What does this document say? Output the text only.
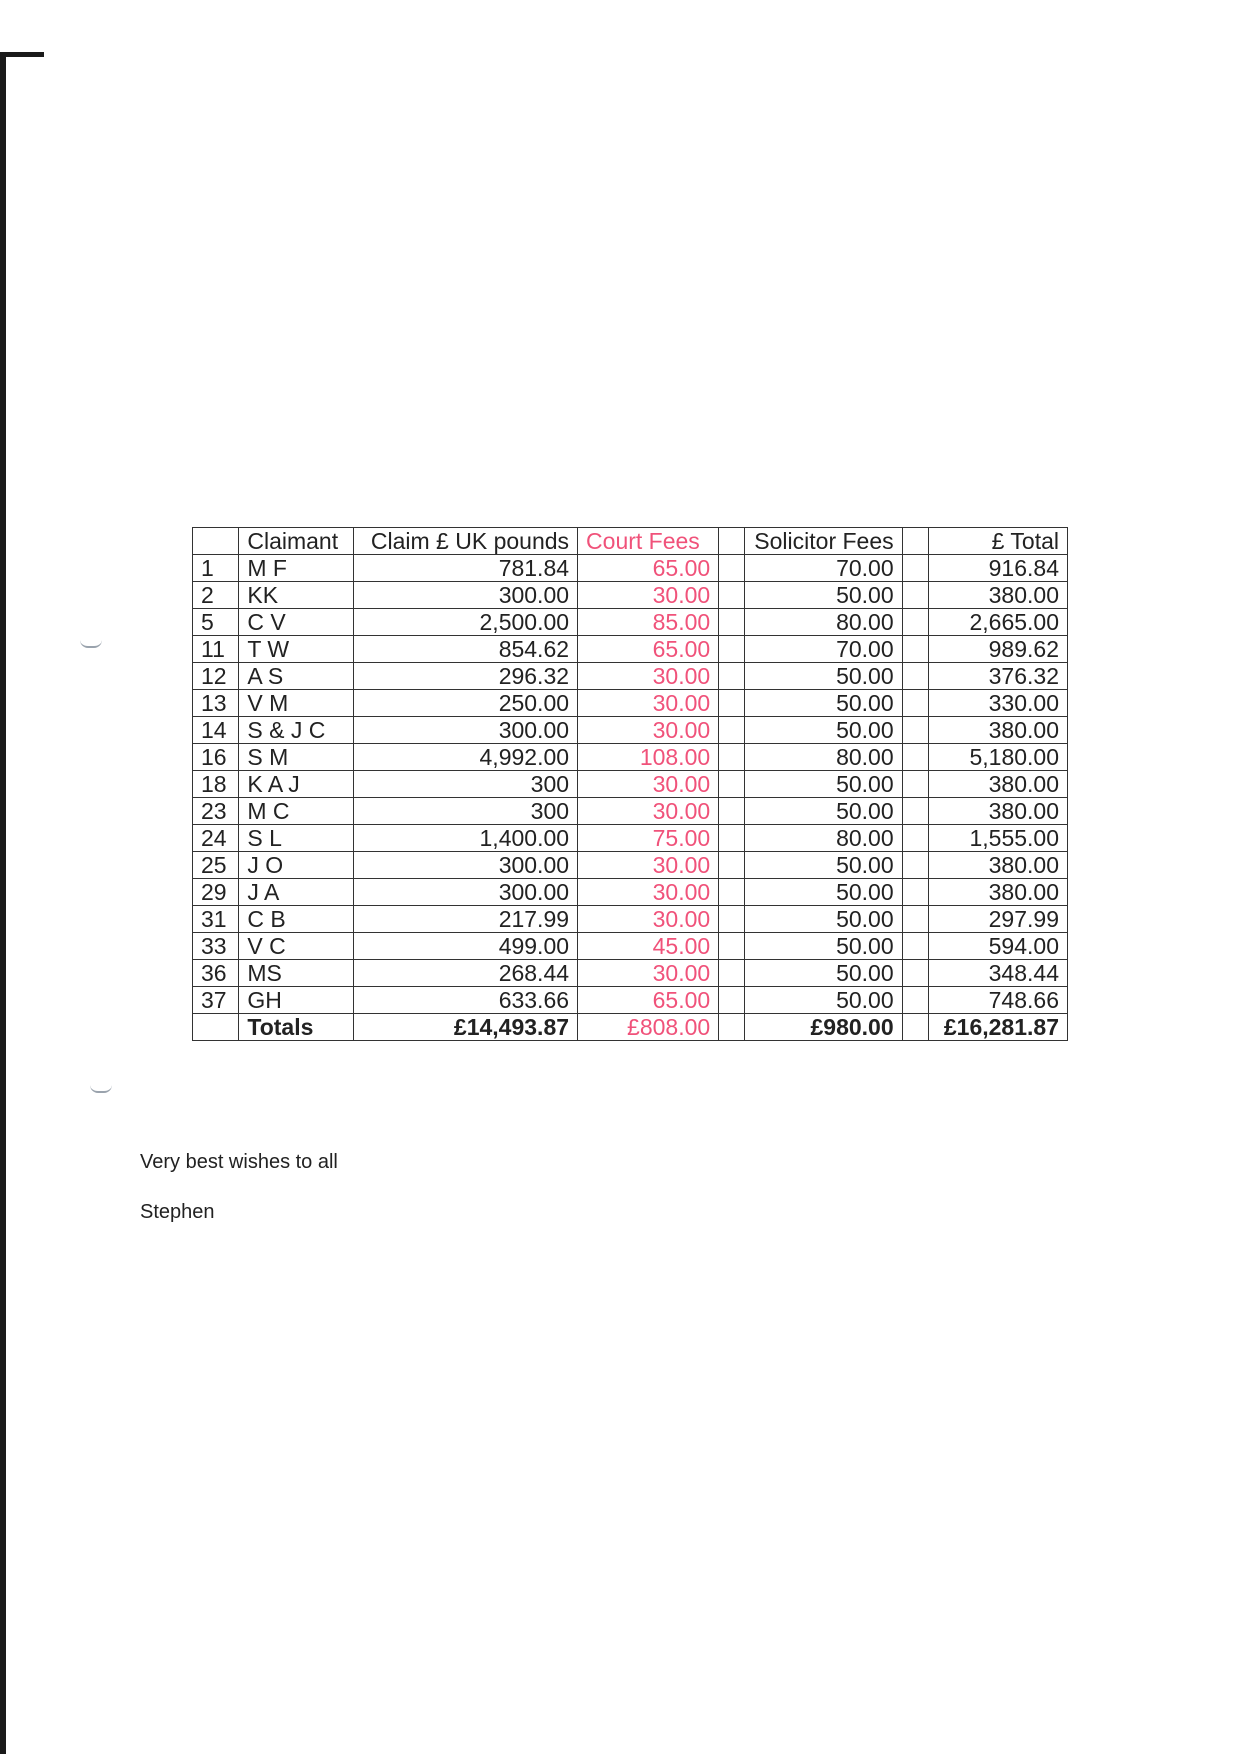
	Claimant	Claim £ UK pounds	Court Fees		Solicitor Fees		£ Total
1	M F	781.84	65.00		70.00		916.84
2	KK	300.00	30.00		50.00		380.00
5	C V	2,500.00	85.00		80.00		2,665.00
11	T W	854.62	65.00		70.00		989.62
12	A S	296.32	30.00		50.00		376.32
13	V M	250.00	30.00		50.00		330.00
14	S & J C	300.00	30.00		50.00		380.00
16	S M	4,992.00	108.00		80.00		5,180.00
18	K A J	300	30.00		50.00		380.00
23	M C	300	30.00		50.00		380.00
24	S L	1,400.00	75.00		80.00		1,555.00
25	J O	300.00	30.00		50.00		380.00
29	J A	300.00	30.00		50.00		380.00
31	C B	217.99	30.00		50.00		297.99
33	V C	499.00	45.00		50.00		594.00
36	MS	268.44	30.00		50.00		348.44
37	GH	633.66	65.00		50.00		748.66
	Totals	£14,493.87	£808.00		£980.00		£16,281.87
Very best wishes to all
Stephen
